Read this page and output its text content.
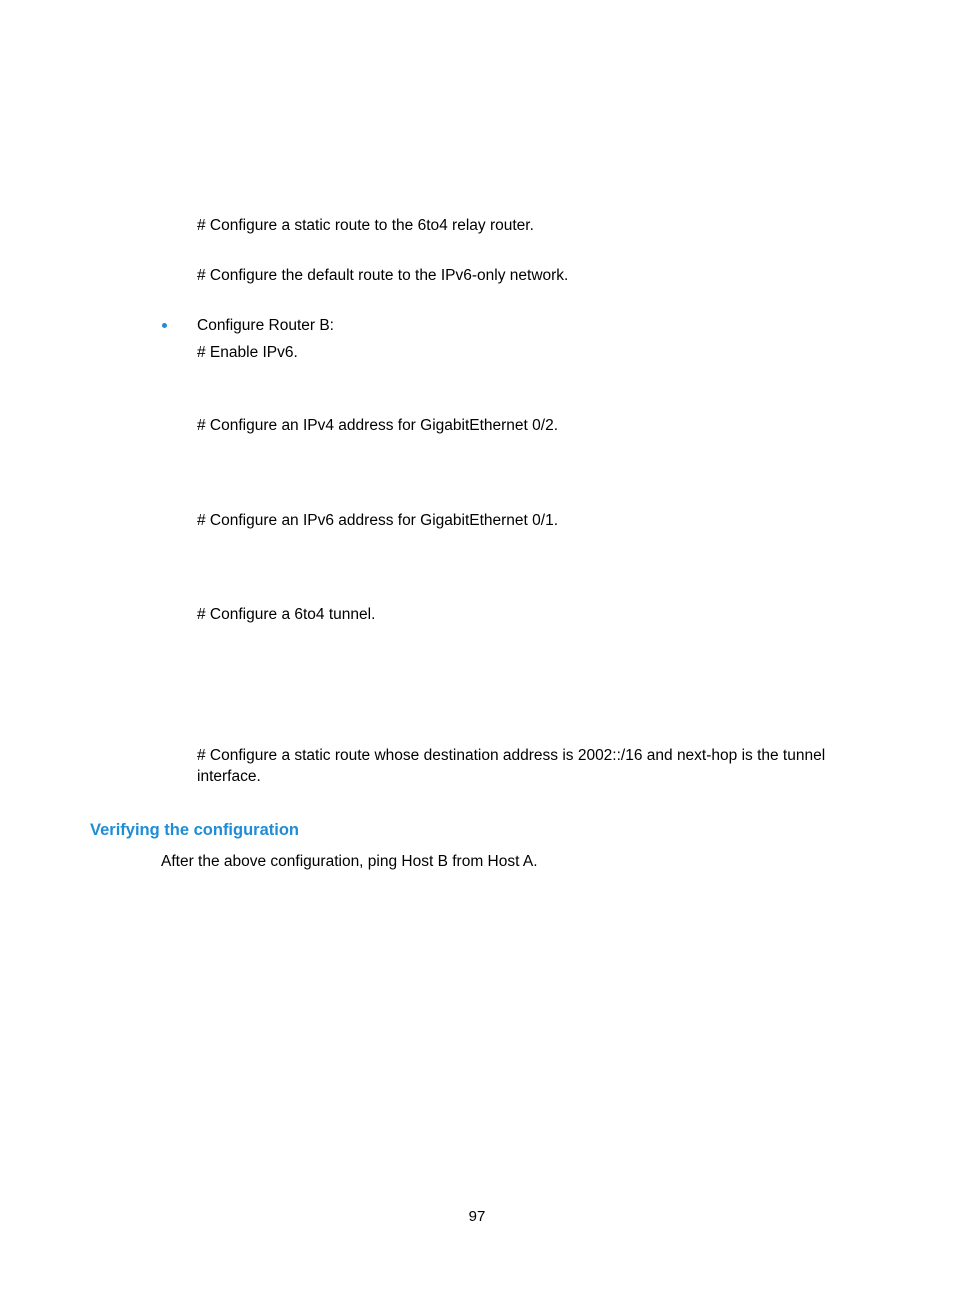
# Configure a static route to the 6to4 relay router.
# Configure the default route to the IPv6-only network.
Configure Router B:
# Enable IPv6.
# Configure an IPv4 address for GigabitEthernet 0/2.
# Configure an IPv6 address for GigabitEthernet 0/1.
# Configure a 6to4 tunnel.
# Configure a static route whose destination address is 2002::/16 and next-hop is the tunnel interface.
Verifying the configuration
After the above configuration, ping Host B from Host A.
97
